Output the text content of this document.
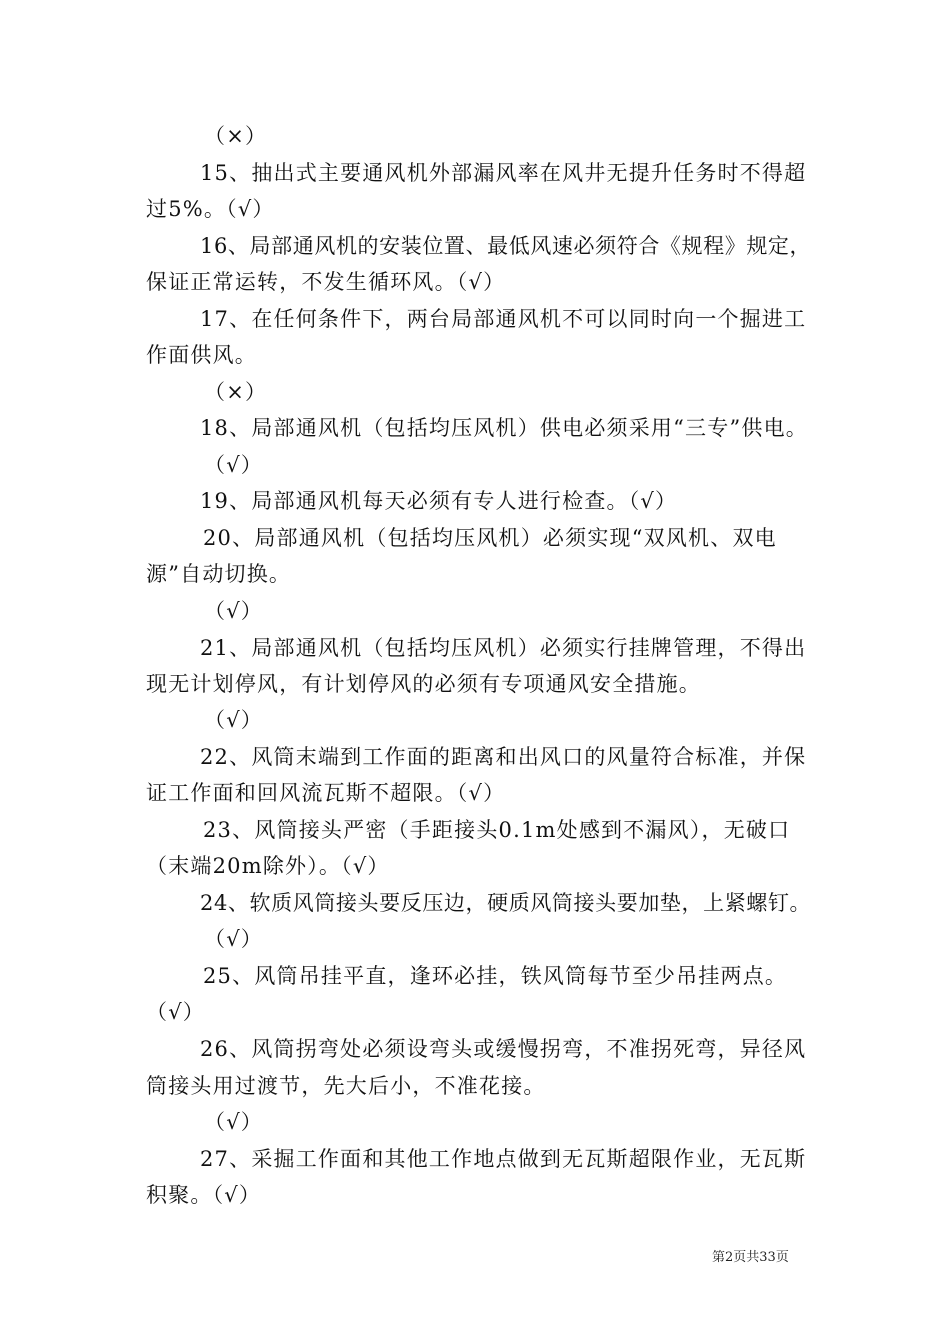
（×）
15、抽出式主要通风机外部漏风率在风井无提升任务时不得超
过5%。（√）
16、局部通风机的安装位置、最低风速必须符合《规程》规定，
保证正常运转，不发生循环风。（√）
17、在任何条件下，两台局部通风机不可以同时向一个掘进工
作面供风。
（×）
18、局部通风机（包括均压风机）供电必须采用“三专”供电。
（√）
19、局部通风机每天必须有专人进行检查。（√）
20、局部通风机（包括均压风机）必须实现“双风机、双电
源”自动切换。
（√）
21、局部通风机（包括均压风机）必须实行挂牌管理，不得出
现无计划停风，有计划停风的必须有专项通风安全措施。
（√）
22、风筒末端到工作面的距离和出风口的风量符合标准，并保
证工作面和回风流瓦斯不超限。（√）
23、风筒接头严密（手距接头0.1m处感到不漏风），无破口
（末端20m除外）。（√）
24、软质风筒接头要反压边，硬质风筒接头要加垫，上紧螺钉。
（√）
25、风筒吊挂平直，逢环必挂，铁风筒每节至少吊挂两点。
（√）
26、风筒拐弯处必须设弯头或缓慢拐弯，不准拐死弯，异径风
筒接头用过渡节，先大后小，不准花接。
（√）
27、采掘工作面和其他工作地点做到无瓦斯超限作业，无瓦斯
积聚。（√）
第2页共33页
